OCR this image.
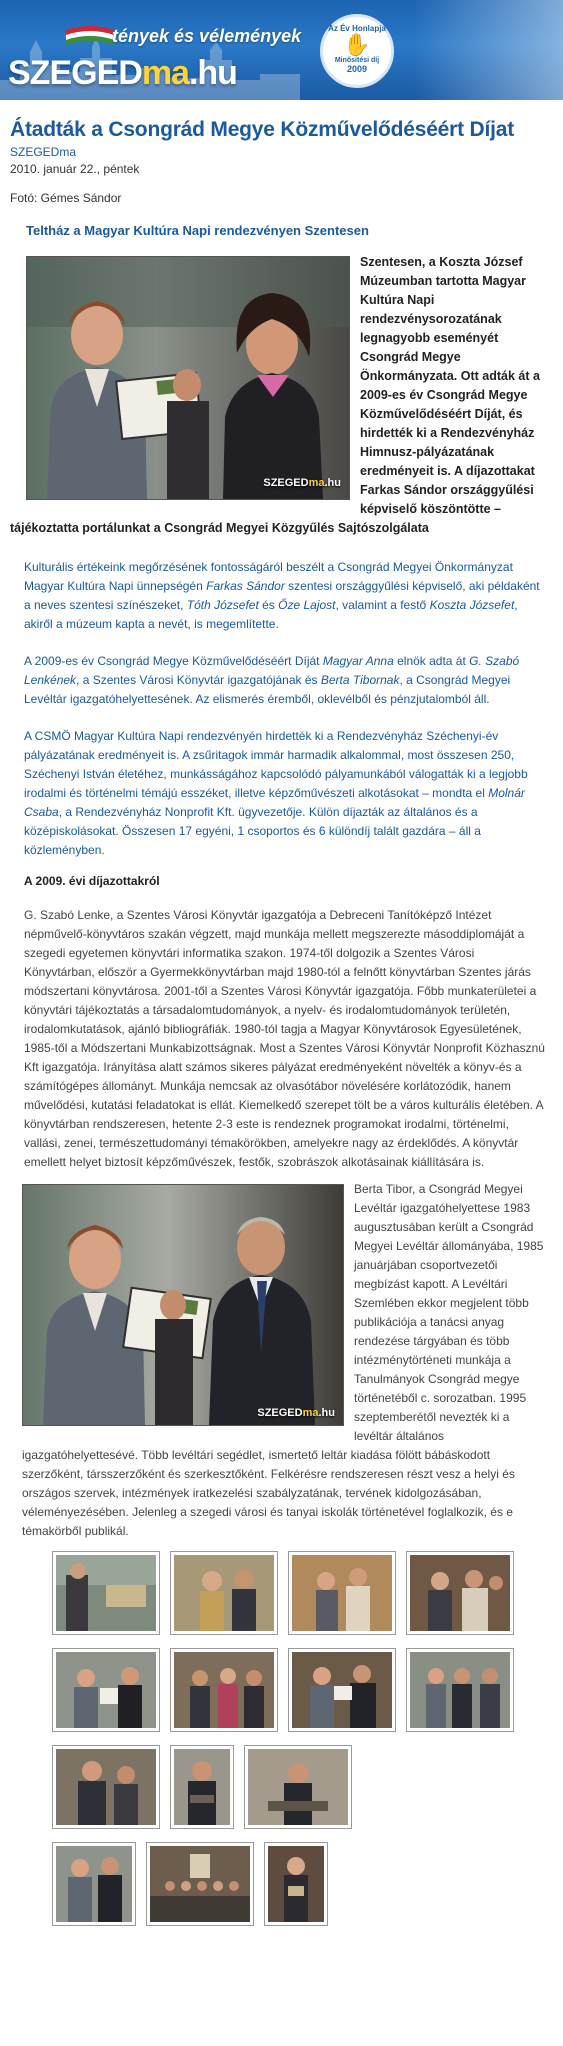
tények és vélemények
SZEGEDma.hu
Az Év Honlapja
✋
Minősítési díj
2009
Átadták a Csongrád Megye Közművelődéséért Díjat
SZEGEDma
2010. január 22., péntek
Fotó: Gémes Sándor
Teltház a Magyar Kultúra Napi rendezvényen Szentesen
SZEGEDma.hu
Szentesen, a Koszta József Múzeumban tartotta Magyar Kultúra Napi rendezvénysorozatának legnagyobb eseményét Csongrád Megye Önkormányzata. Ott adták át a 2009-es év Csongrád Megye Közművelődéséért Díját, és hirdették ki a Rendezvényház Himnusz-pályázatának eredményeit is. A díjazottakat Farkas Sándor országgyűlési képviselő köszöntötte – tájékoztatta portálunkat a Csongrád Megyei Közgyűlés Sajtószolgálata

Kulturális értékeink megőrzésének fontosságáról beszélt a Csongrád Megyei Önkormányzat Magyar Kultúra Napi ünnepségén Farkas Sándor szentesi országgyűlési képviselő, aki példaként a neves szentesi színészeket, Tóth Józsefet és Őze Lajost, valamint a festő Koszta Józsefet, akiről a múzeum kapta a nevét, is megemlítette.

A 2009-es év Csongrád Megye Közművelődéséért Díját Magyar Anna elnök adta át G. Szabó Lenkének, a Szentes Városi Könyvtár igazgatójának és Berta Tibornak, a Csongrád Megyei Levéltár igazgatóhelyettesének. Az elismerés éremből, oklevélből és pénzjutalomból áll.

A CSMÖ Magyar Kultúra Napi rendezvényén hirdették ki a Rendezvényház Széchenyi-év pályázatának eredményeit is. A zsűritagok immár harmadik alkalommal, most összesen 250, Széchenyi István életéhez, munkásságához kapcsolódó pályamunkából válogatták ki a legjobb irodalmi és történelmi témájú esszéket, illetve képzőművészeti alkotásokat – mondta el Molnár Csaba, a Rendezvényház Nonprofit Kft. ügyvezetője. Külön díjazták az általános és a középiskolásokat. Összesen 17 egyéni, 1 csoportos és 6 különdíj talált gazdára – áll a közleményben.

A 2009. évi díjazottakról

G. Szabó Lenke, a Szentes Városi Könyvtár igazgatója a Debreceni Tanítóképző Intézet népművelő-könyvtáros szakán végzett, majd munkája mellett megszerezte másoddiplomáját a szegedi egyetemen könyvtári informatika szakon. 1974-től dolgozik a Szentes Városi Könyvtárban, először a Gyermekkönyvtárban majd 1980-tól a felnőtt könyvtárban Szentes járás módszertani könyvtárosa. 2001-től a Szentes Városi Könyvtár igazgatója. Főbb munkaterületei a könyvtári tájékoztatás a társadalomtudományok, a nyelv- és irodalomtudományok területén, irodalomkutatások, ajánló bibliográfiák. 1980-tól tagja a Magyar Könyvtárosok Egyesületének, 1985-től a Módszertani Munkabizottságnak. Most a Szentes Városi Könyvtár Nonprofit Közhasznú Kft igazgatója. Irányítása alatt számos sikeres pályázat eredményeként növelték a könyv-és a számítógépes állományt. Munkája nemcsak az olvasótábor növelésére korlátozódik, hanem művelődési, kutatási feladatokat is ellát. Kiemelkedő szerepet tölt be a város kulturális életében. A könyvtárban rendszeresen, hetente 2-3 este is rendeznek programokat irodalmi, történelmi, vallási, zenei, természettudományi témakörökben, amelyekre nagy az érdeklődés. A könyvtár emellett helyet biztosít képzőművészek, festők, szobrászok alkotásainak kiállítására is.

SZEGEDma.hu

Berta Tibor, a Csongrád Megyei Levéltár igazgatóhelyettese 1983 augusztusában került a Csongrád Megyei Levéltár állományába, 1985 januárjában csoportvezetői megbízást kapott. A Levéltári Szemlében ekkor megjelent több publikációja a tanácsi anyag rendezése tárgyában és több intézménytörténeti munkája a Tanulmányok Csongrád megye történetéből c. sorozatban. 1995 szeptemberétől nevezték ki a levéltár általános igazgatóhelyettesévé. Több levéltári segédlet, ismertető leltár kiadása fölött bábáskodott szerzőként, társszerzőként és szerkesztőként. Felkérésre rendszeresen részt vesz a helyi és országos szervek, intézmények iratkezelési szabályzatának, tervének kidolgozásában, véleményezésében. Jelenleg a szegedi városi és tanyai iskolák történetével foglalkozik, és e témakörből publikál.
